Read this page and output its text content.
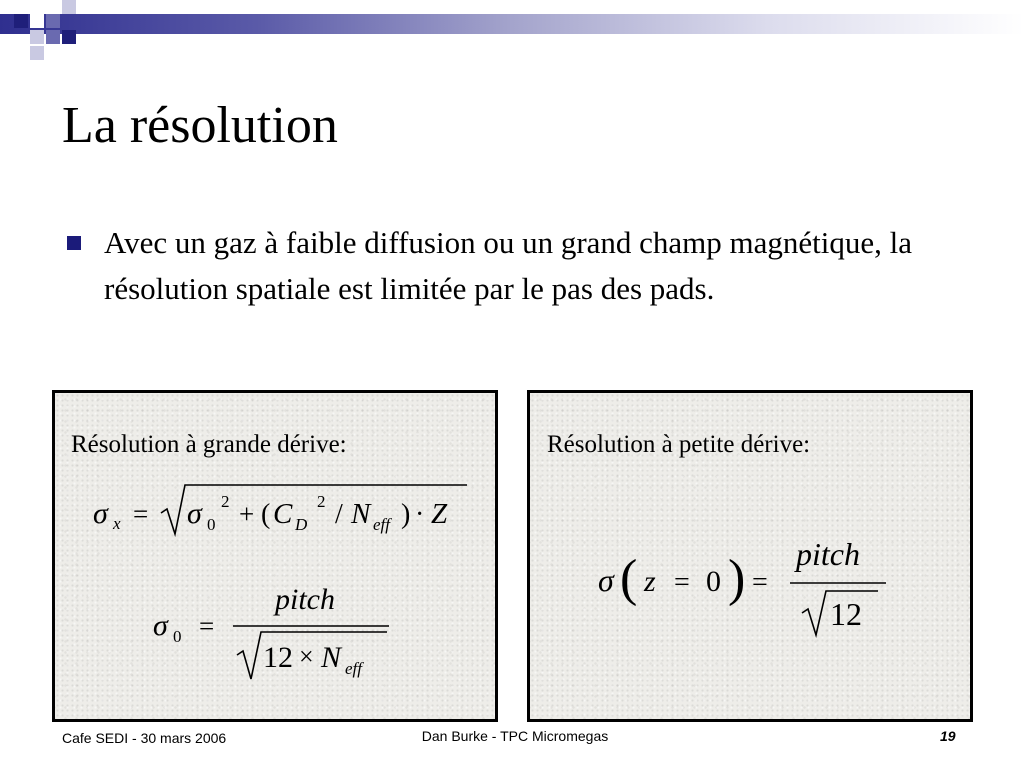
La résolution
Avec un gaz à faible diffusion ou un grand champ magnétique, la résolution spatiale est limitée par le pas des pads.
Résolution à grande dérive:
σ x = σ 0
2 + ( C D
2 / N eff ) · Z
σ 0 =
pitch
12 × N eff
Résolution à petite dérive:
σ ( z = 0 ) =
pitch
12
Cafe SEDI - 30 mars 2006	Dan Burke - TPC Micromegas	19
